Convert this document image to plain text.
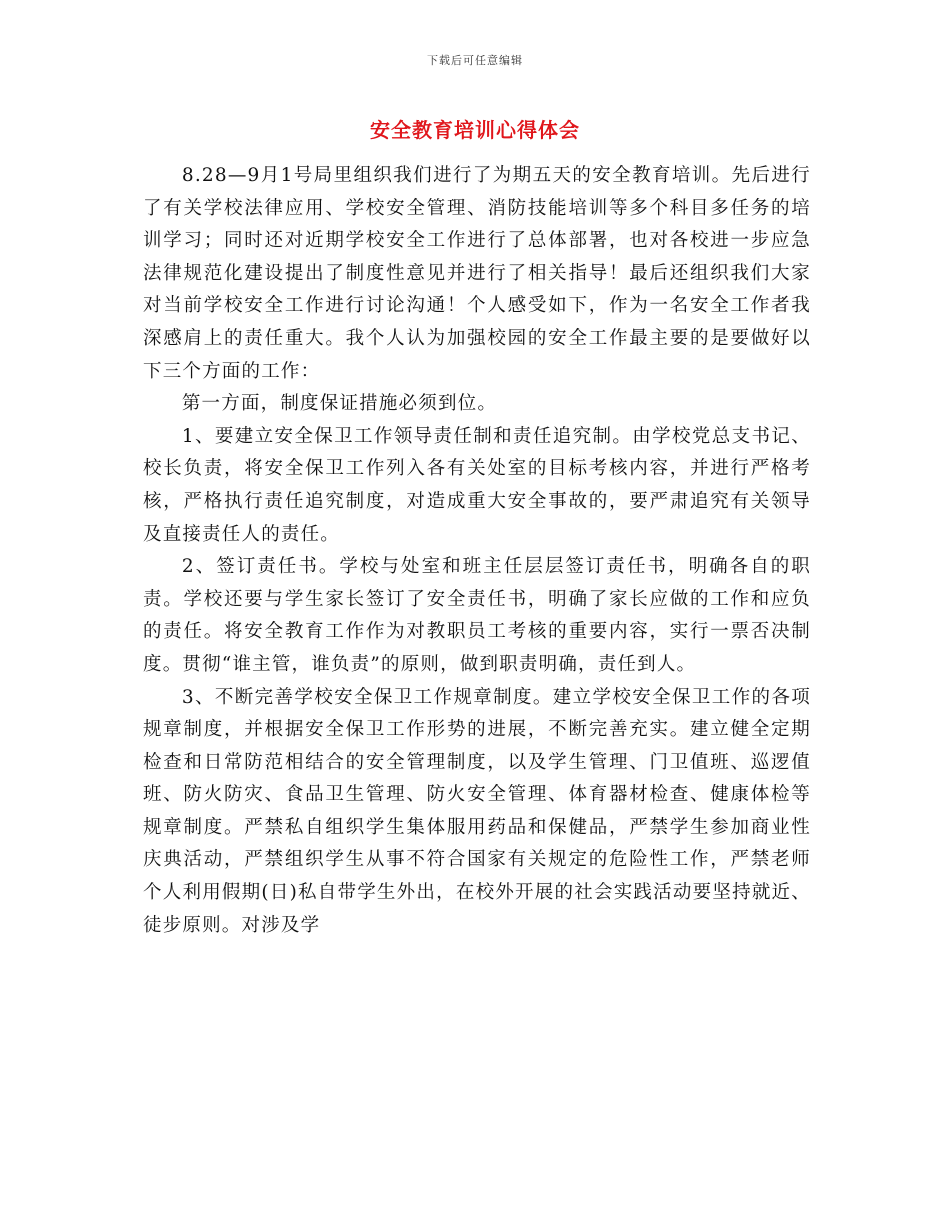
下载后可任意编辑
安全教育培训心得体会

8.28—9月1号局里组织我们进行了为期五天的安全教育培训。先后进行了有关学校法律应用、学校安全管理、消防技能培训等多个科目多任务的培训学习；同时还对近期学校安全工作进行了总体部署，也对各校进一步应急法律规范化建设提出了制度性意见并进行了相关指导！最后还组织我们大家对当前学校安全工作进行讨论沟通！个人感受如下，作为一名安全工作者我深感肩上的责任重大。我个人认为加强校园的安全工作最主要的是要做好以下三个方面的工作：

第一方面，制度保证措施必须到位。

1、要建立安全保卫工作领导责任制和责任追究制。由学校党总支书记、校长负责，将安全保卫工作列入各有关处室的目标考核内容，并进行严格考核，严格执行责任追究制度，对造成重大安全事故的，要严肃追究有关领导及直接责任人的责任。

2、签订责任书。学校与处室和班主任层层签订责任书，明确各自的职责。学校还要与学生家长签订了安全责任书，明确了家长应做的工作和应负的责任。将安全教育工作作为对教职员工考核的重要内容，实行一票否决制度。贯彻“谁主管，谁负责”的原则，做到职责明确，责任到人。

3、不断完善学校安全保卫工作规章制度。建立学校安全保卫工作的各项规章制度，并根据安全保卫工作形势的进展，不断完善充实。建立健全定期检查和日常防范相结合的安全管理制度，以及学生管理、门卫值班、巡逻值班、防火防灾、食品卫生管理、防火安全管理、体育器材检查、健康体检等规章制度。严禁私自组织学生集体服用药品和保健品，严禁学生参加商业性庆典活动，严禁组织学生从事不符合国家有关规定的危险性工作，严禁老师个人利用假期(日)私自带学生外出，在校外开展的社会实践活动要坚持就近、徒步原则。对涉及学
